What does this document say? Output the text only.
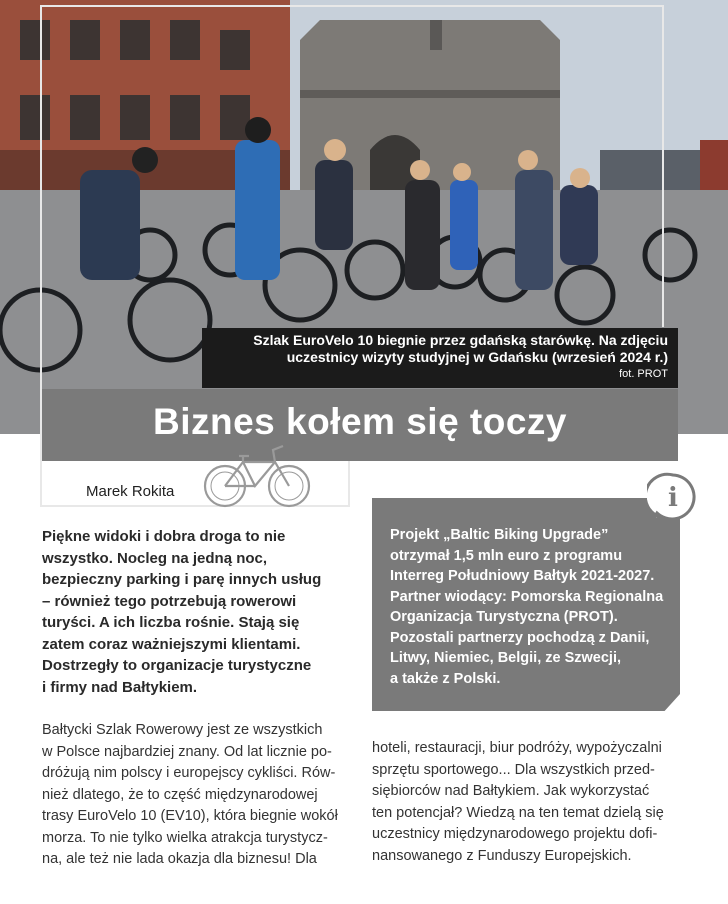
Szlak EuroVelo 10 biegnie przez gdańską starówkę. Na zdjęciu
uczestnicy wizyty studyjnej w Gdańsku (wrzesień 2024 r.)
fot. PROT
Biznes kołem się toczy
Marek Rokita
Piękne widoki i dobra droga to nie
wszystko. Nocleg na jedną noc,
bezpieczny parking i parę innych usług
– również tego potrzebują rowerowi
turyści. A ich liczba rośnie. Stają się
zatem coraz ważniejszymi klientami.
Dostrzegły to organizacje turystyczne
i firmy nad Bałtykiem.
Bałtycki Szlak Rowerowy jest ze wszystkich
w Polsce najbardziej znany. Od lat licznie po-
dróżują nim polscy i europejscy cykliści. Rów-
nież dlatego, że to część międzynarodowej
trasy EuroVelo 10 (EV10), która biegnie wokół
morza. To nie tylko wielka atrakcja turystycz-
na, ale też nie lada okazja dla biznesu! Dla
i
Projekt „Baltic Biking Upgrade”
otrzymał 1,5 mln euro z programu
Interreg Południowy Bałtyk 2021-2027.
Partner wiodący: Pomorska Regionalna
Organizacja Turystyczna (PROT).
Pozostali partnerzy pochodzą z Danii,
Litwy, Niemiec, Belgii, ze Szwecji,
a także z Polski.
hoteli, restauracji, biur podróży, wypożyczalni
sprzętu sportowego... Dla wszystkich przed-
siębiorców nad Bałtykiem. Jak wykorzystać
ten potencjał? Wiedzą na ten temat dzielą się
uczestnicy międzynarodowego projektu dofi-
nansowanego z Funduszy Europejskich.
